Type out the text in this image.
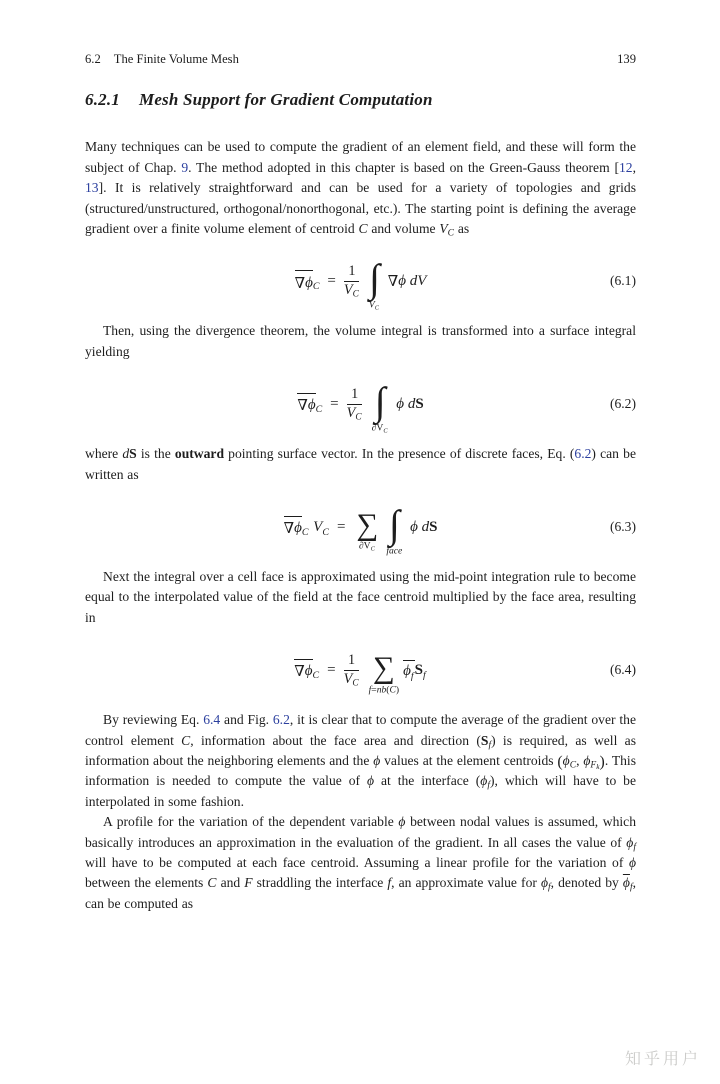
6.2 The Finite Volume Mesh	139
6.2.1 Mesh Support for Gradient Computation

Many techniques can be used to compute the gradient of an element field, and these will form the subject of Chap. 9. The method adopted in this chapter is based on the Green-Gauss theorem [12, 13]. It is relatively straightforward and can be used for a variety of topologies and grids (structured/unstructured, orthogonal/nonorthogonal, etc.). The starting point is defining the average gradient over a finite volume element of centroid C and volume VC as

∇ ϕ $C = \frac{1}{\text{V C}}$ ∫
V C

∇ ϕ
d V	(6.1)

Then, using the divergence theorem, the volume integral is transformed into a surface integral yielding

∇ ϕ $C = \frac{1}{\text{V C}}$ ∫
∂ V C

ϕ
d S	(6.2)

where dS is the outward pointing surface vector. In the presence of discrete faces, Eq. (6.2) can be written as

∇ ϕ C
V C = ∑
∂ V C
∫
face

ϕ
d S	(6.3)

Next the integral over a cell face is approximated using the mid-point integration rule to become equal to the interpolated value of the field at the face centroid multiplied by the face area, resulting in

∇ ϕ $C = \frac{1}{\text{V C}}$ ∑
f = nb ( C )
ϕ f S f	(6.4)

By reviewing Eq. 6.4 and Fig. 6.2, it is clear that to compute the average of the gradient over the control element C, information about the face area and direction (Sf) is required, as well as information about the neighboring elements and the ϕ values at the element centroids (ϕC, $\phi F_k$). This information is needed to compute the value of ϕ at the interface (ϕf), which will have to be interpolated in some fashion.

A profile for the variation of the dependent variable ϕ between nodal values is assumed, which basically introduces an approximation in the evaluation of the gradient. In all cases the value of ϕf will have to be computed at each face centroid. Assuming a linear profile for the variation of ϕ between the elements C and F straddling the interface f, an approximate value for ϕf, denoted by $\overline{\phi}f$, can be computed as

知乎用户
